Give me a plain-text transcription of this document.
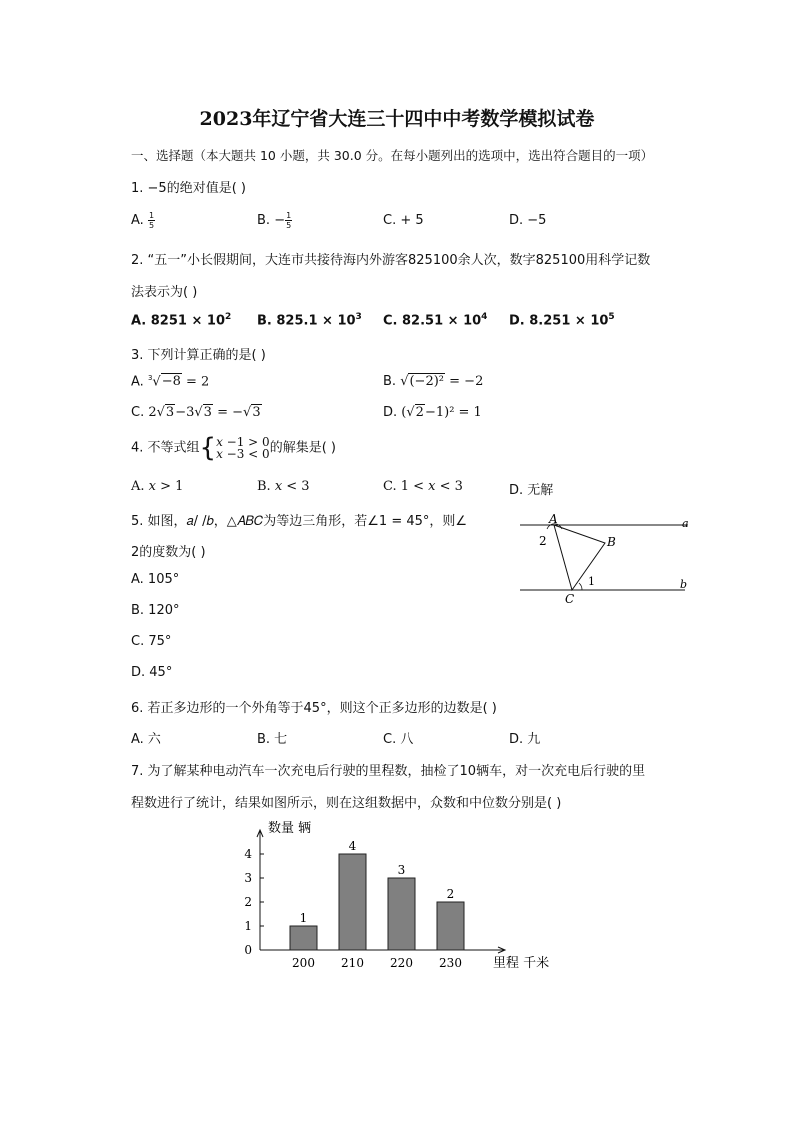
2023年辽宁省大连三十四中中考数学模拟试卷
一、选择题（本大题共 10 小题，共 30.0 分。在每小题列出的选项中，选出符合题目的一项）
1. −5的绝对值是( )
A. $\frac{1}{5}$	B. − $\frac{1}{5}$	C. + 5	D. −5
2. “五一”小长假期间，大连市共接待海内外游客825100余人次，数字825100用科学记数
法表示为( )
A. $8251 \times 10^2$ B. $825.1 \times 10^3$ C. $82.51 \times 10^4$ D. $8.251 \times 10^5$
3. 下列计算正确的是( )
A. $^3$√−8 = 2	B. √(−2)² = −2
C. 2√3−3√3 = −√3	D. (√2−1)² = 1
4. 不等式组{𝑥 −1 > 0
𝑥 −3 < 0的解集是( )
A. 𝑥 > 1	B. 𝑥 < 3	C. 1 < 𝑥 < 3	D. 无解
5. 如图，𝑎/ /𝑏，△𝐴𝐵𝐶为等边三角形，若∠1 = 45°，则∠
2的度数为( )
A. 105°
B. 120°
C. 75°
D. 45°
A
B
C
2
1
a
b
6. 若正多边形的一个外角等于45°，则这个正多边形的边数是( )
A. 六	B. 七	C. 八	D. 九
7. 为了解某种电动汽车一次充电后行驶的里程数，抽检了10辆车，对一次充电后行驶的里
程数进行了统计，结果如图所示，则在这组数据中，众数和中位数分别是( )
0
1
2
3
4
1
200
4
210
3
220
2
230
数量 辆
里程 千米
